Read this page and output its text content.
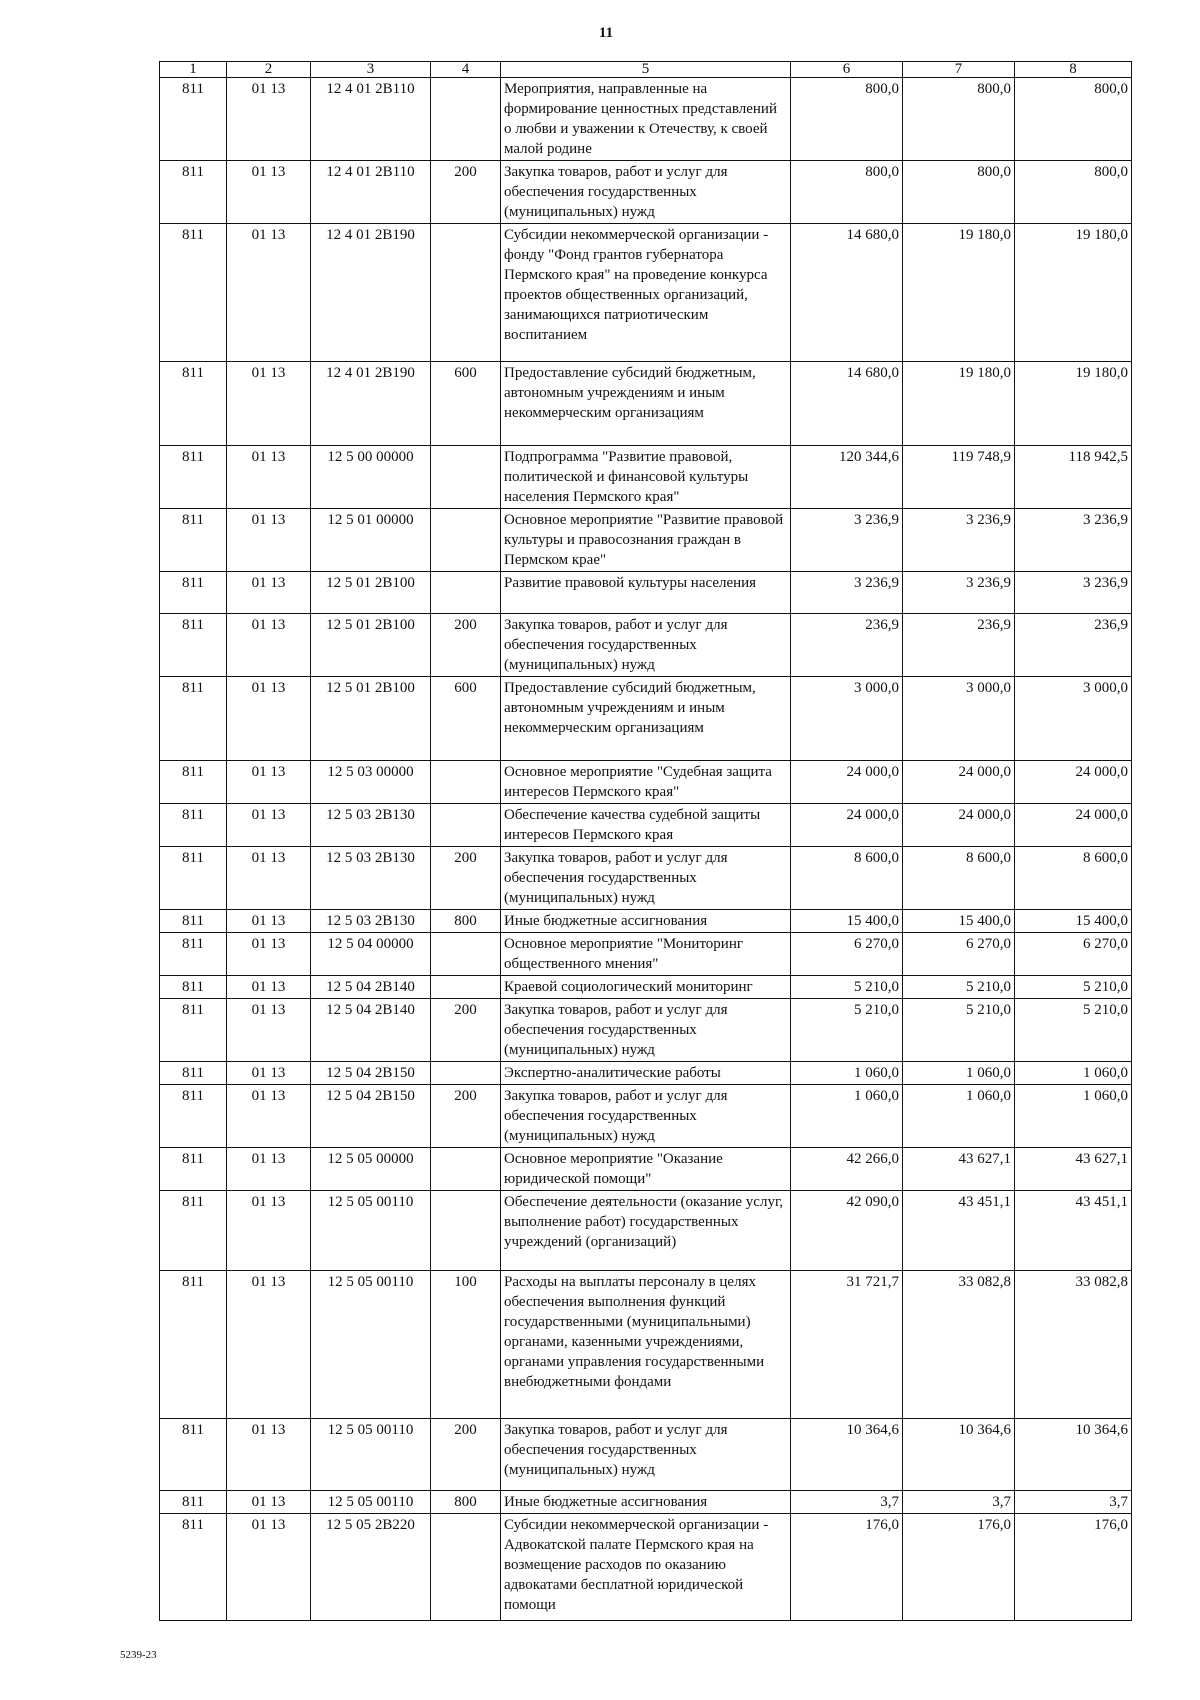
11
1	2	3	4	5	6	7	8
811	01 13	12 4 01 2В110		Мероприятия, направленные на формирование ценностных представлений о любви и уважении к Отечеству, к своей малой родине	800,0	800,0	800,0
811	01 13	12 4 01 2В110	200	Закупка товаров, работ и услуг для обеспечения государственных (муниципальных) нужд	800,0	800,0	800,0
811	01 13	12 4 01 2В190		Субсидии некоммерческой организации - фонду "Фонд грантов губернатора Пермского края" на проведение конкурса проектов общественных организаций, занимающихся патриотическим воспитанием	14 680,0	19 180,0	19 180,0
811	01 13	12 4 01 2В190	600	Предоставление субсидий бюджетным, автономным учреждениям и иным некоммерческим организациям	14 680,0	19 180,0	19 180,0
811	01 13	12 5 00 00000		Подпрограмма "Развитие правовой, политической и финансовой культуры населения Пермского края"	120 344,6	119 748,9	118 942,5
811	01 13	12 5 01 00000		Основное мероприятие "Развитие правовой культуры и правосознания граждан в Пермском крае"	3 236,9	3 236,9	3 236,9
811	01 13	12 5 01 2В100		Развитие правовой культуры населения	3 236,9	3 236,9	3 236,9
811	01 13	12 5 01 2В100	200	Закупка товаров, работ и услуг для обеспечения государственных (муниципальных) нужд	236,9	236,9	236,9
811	01 13	12 5 01 2В100	600	Предоставление субсидий бюджетным, автономным учреждениям и иным некоммерческим организациям	3 000,0	3 000,0	3 000,0
811	01 13	12 5 03 00000		Основное мероприятие "Судебная защита интересов Пермского края"	24 000,0	24 000,0	24 000,0
811	01 13	12 5 03 2В130		Обеспечение качества судебной защиты интересов Пермского края	24 000,0	24 000,0	24 000,0
811	01 13	12 5 03 2В130	200	Закупка товаров, работ и услуг для обеспечения государственных (муниципальных) нужд	8 600,0	8 600,0	8 600,0
811	01 13	12 5 03 2В130	800	Иные бюджетные ассигнования	15 400,0	15 400,0	15 400,0
811	01 13	12 5 04 00000		Основное мероприятие "Мониторинг общественного мнения"	6 270,0	6 270,0	6 270,0
811	01 13	12 5 04 2В140		Краевой социологический мониторинг	5 210,0	5 210,0	5 210,0
811	01 13	12 5 04 2В140	200	Закупка товаров, работ и услуг для обеспечения государственных (муниципальных) нужд	5 210,0	5 210,0	5 210,0
811	01 13	12 5 04 2В150		Экспертно-аналитические работы	1 060,0	1 060,0	1 060,0
811	01 13	12 5 04 2В150	200	Закупка товаров, работ и услуг для обеспечения государственных (муниципальных) нужд	1 060,0	1 060,0	1 060,0
811	01 13	12 5 05 00000		Основное мероприятие "Оказание юридической помощи"	42 266,0	43 627,1	43 627,1
811	01 13	12 5 05 00110		Обеспечение деятельности (оказание услуг, выполнение работ) государственных учреждений (организаций)	42 090,0	43 451,1	43 451,1
811	01 13	12 5 05 00110	100	Расходы на выплаты персоналу в целях обеспечения выполнения функций государственными (муниципальными) органами, казенными учреждениями, органами управления государственными внебюджетными фондами	31 721,7	33 082,8	33 082,8
811	01 13	12 5 05 00110	200	Закупка товаров, работ и услуг для обеспечения государственных (муниципальных) нужд	10 364,6	10 364,6	10 364,6
811	01 13	12 5 05 00110	800	Иные бюджетные ассигнования	3,7	3,7	3,7
811	01 13	12 5 05 2В220		Субсидии некоммерческой организации - Адвокатской палате Пермского края на возмещение расходов по оказанию адвокатами бесплатной юридической помощи	176,0	176,0	176,0
5239-23
